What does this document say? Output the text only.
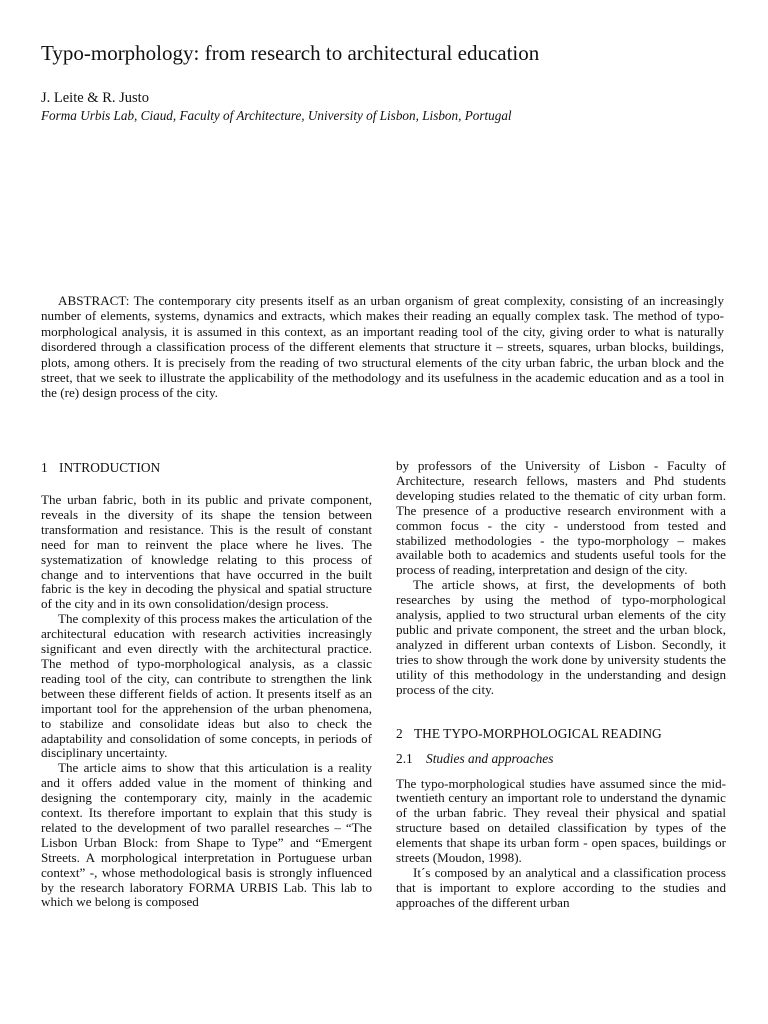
Typo-morphology: from research to architectural education
J. Leite & R. Justo
Forma Urbis Lab, Ciaud, Faculty of Architecture, University of Lisbon, Lisbon, Portugal

ABSTRACT: The contemporary city presents itself as an urban organism of great complexity, consisting of an increasingly number of elements, systems, dynamics and extracts, which makes their reading an equally complex task. The method of typo-morphological analysis, it is assumed in this context, as an important reading tool of the city, giving order to what is naturally disordered through a classification process of the different elements that structure it – streets, squares, urban blocks, buildings, plots, among others. It is precisely from the reading of two structural elements of the city urban fabric, the urban block and the street, that we seek to illustrate the applicability of the methodology and its usefulness in the academic education and as a tool in the (re) design process of the city.

1 INTRODUCTION

The urban fabric, both in its public and private component, reveals in the diversity of its shape the tension between transformation and resistance. This is the result of constant need for man to reinvent the place where he lives. The systematization of knowledge relating to this process of change and to interventions that have occurred in the built fabric is the key in decoding the physical and spatial structure of the city and in its own consolidation/design process.

The complexity of this process makes the articulation of the architectural education with research activities increasingly significant and even directly with the architectural practice. The method of typo-morphological analysis, as a classic reading tool of the city, can contribute to strengthen the link between these different fields of action. It presents itself as an important tool for the apprehension of the urban phenomena, to stabilize and consolidate ideas but also to check the adaptability and consolidation of some concepts, in periods of disciplinary uncertainty.

The article aims to show that this articulation is a reality and it offers added value in the moment of thinking and designing the contemporary city, mainly in the academic context. Its therefore important to explain that this study is related to the development of two parallel researches – “The Lisbon Urban Block: from Shape to Type” and “Emergent Streets. A morphological interpretation in Portuguese urban context” -, whose methodological basis is strongly influenced by the research laboratory FORMA URBIS Lab. This lab to which we belong is composed

by professors of the University of Lisbon - Faculty of Architecture, research fellows, masters and Phd students developing studies related to the thematic of city urban form. The presence of a productive research environment with a common focus - the city - understood from tested and stabilized methodologies - the typo-morphology – makes available both to academics and students useful tools for the process of reading, interpretation and design of the city.

The article shows, at first, the developments of both researches by using the method of typo-morphological analysis, applied to two structural urban elements of the city public and private component, the street and the urban block, analyzed in different urban contexts of Lisbon. Secondly, it tries to show through the work done by university students the utility of this methodology in the understanding and design process of the city.

2 THE TYPO-MORPHOLOGICAL READING
2.1 Studies and approaches

The typo-morphological studies have assumed since the mid-twentieth century an important role to understand the dynamic of the urban fabric. They reveal their physical and spatial structure based on detailed classification by types of the elements that shape its urban form - open spaces, buildings or streets (Moudon, 1998).

It´s composed by an analytical and a classification process that is important to explore according to the studies and approaches of the different urban
